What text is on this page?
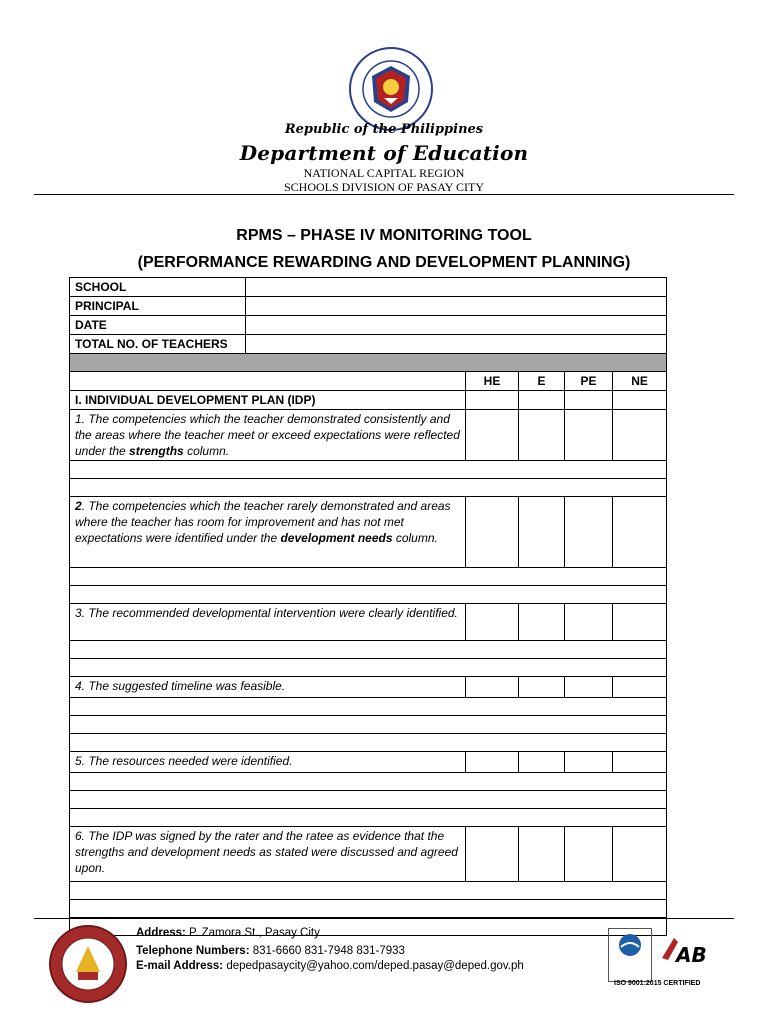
Republic of the Philippines
Department of Education
NATIONAL CAPITAL REGION
SCHOOLS DIVISION OF PASAY CITY
RPMS – PHASE IV MONITORING TOOL
(PERFORMANCE REWARDING AND DEVELOPMENT PLANNING)
SCHOOL					
PRINCIPAL					
DATE					
TOTAL NO. OF TEACHERS					

		HE	E	PE	NE
I. INDIVIDUAL DEVELOPMENT PLAN (IDP)					
1. The competencies which the teacher demonstrated consistently and the areas where the teacher meet or exceed expectations were reflected under the strengths column.					

2. The competencies which the teacher rarely demonstrated and areas where the teacher has room for improvement and has not met expectations were identified under the development needs column.					

3. The recommended developmental intervention were clearly identified.					

4. The suggested timeline was feasible.					

5. The resources needed were identified.					

6. The IDP was signed by the rater and the ratee as evidence that the strengths and development needs as stated were discussed and agreed upon.					

Address: P. Zamora St., Pasay City
Telephone Numbers: 831-6660 831-7948 831-7933
E-mail Address: depedpasaycity@yahoo.com/deped.pasay@deped.gov.ph	AB
ISO 9001:2015 CERTIFIED
